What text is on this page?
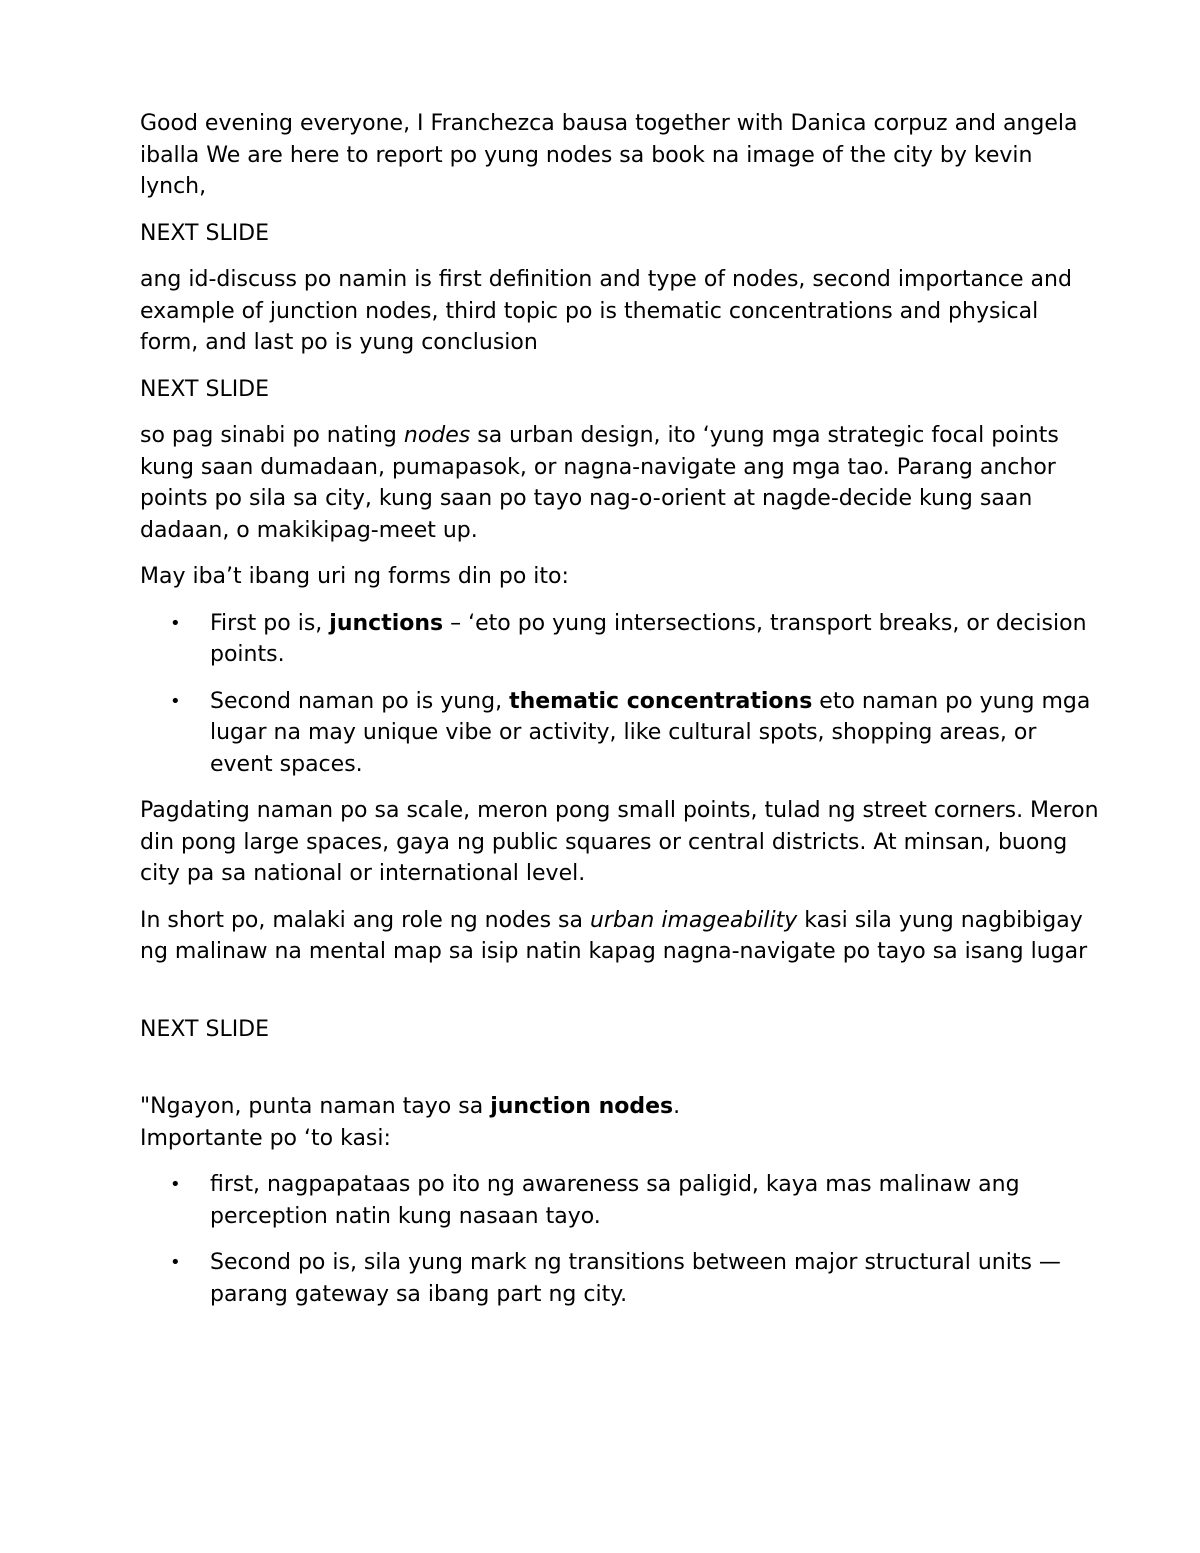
Good evening everyone, I Franchezca bausa together with Danica corpuz and angela iballa We are here to report po yung nodes sa book na image of the city by kevin lynch,

NEXT SLIDE

ang id-discuss po namin is first definition and type of nodes, second importance and example of junction nodes, third topic po is thematic concentrations and physical form, and last po is yung conclusion

NEXT SLIDE

so pag sinabi po nating nodes sa urban design, ito ‘yung mga strategic focal points kung saan dumadaan, pumapasok, or nagna-navigate ang mga tao. Parang anchor points po sila sa city, kung saan po tayo nag-o-orient at nagde-decide kung saan dadaan, o makikipag-meet up.

May iba’t ibang uri ng forms din po ito:

• First po is, junctions – ‘eto po yung intersections, transport breaks, or decision points.
• Second naman po is yung, thematic concentrations eto naman po yung mga lugar na may unique vibe or activity, like cultural spots, shopping areas, or event spaces.

Pagdating naman po sa scale, meron pong small points, tulad ng street corners. Meron din pong large spaces, gaya ng public squares or central districts. At minsan, buong city pa sa national or international level.

In short po, malaki ang role ng nodes sa urban imageability kasi sila yung nagbibigay ng malinaw na mental map sa isip natin kapag nagna-navigate po tayo sa isang lugar

NEXT SLIDE

"Ngayon, punta naman tayo sa junction nodes.

Importante po ‘to kasi:

• first, nagpapataas po ito ng awareness sa paligid, kaya mas malinaw ang perception natin kung nasaan tayo.
• Second po is, sila yung mark ng transitions between major structural units — parang gateway sa ibang part ng city.
